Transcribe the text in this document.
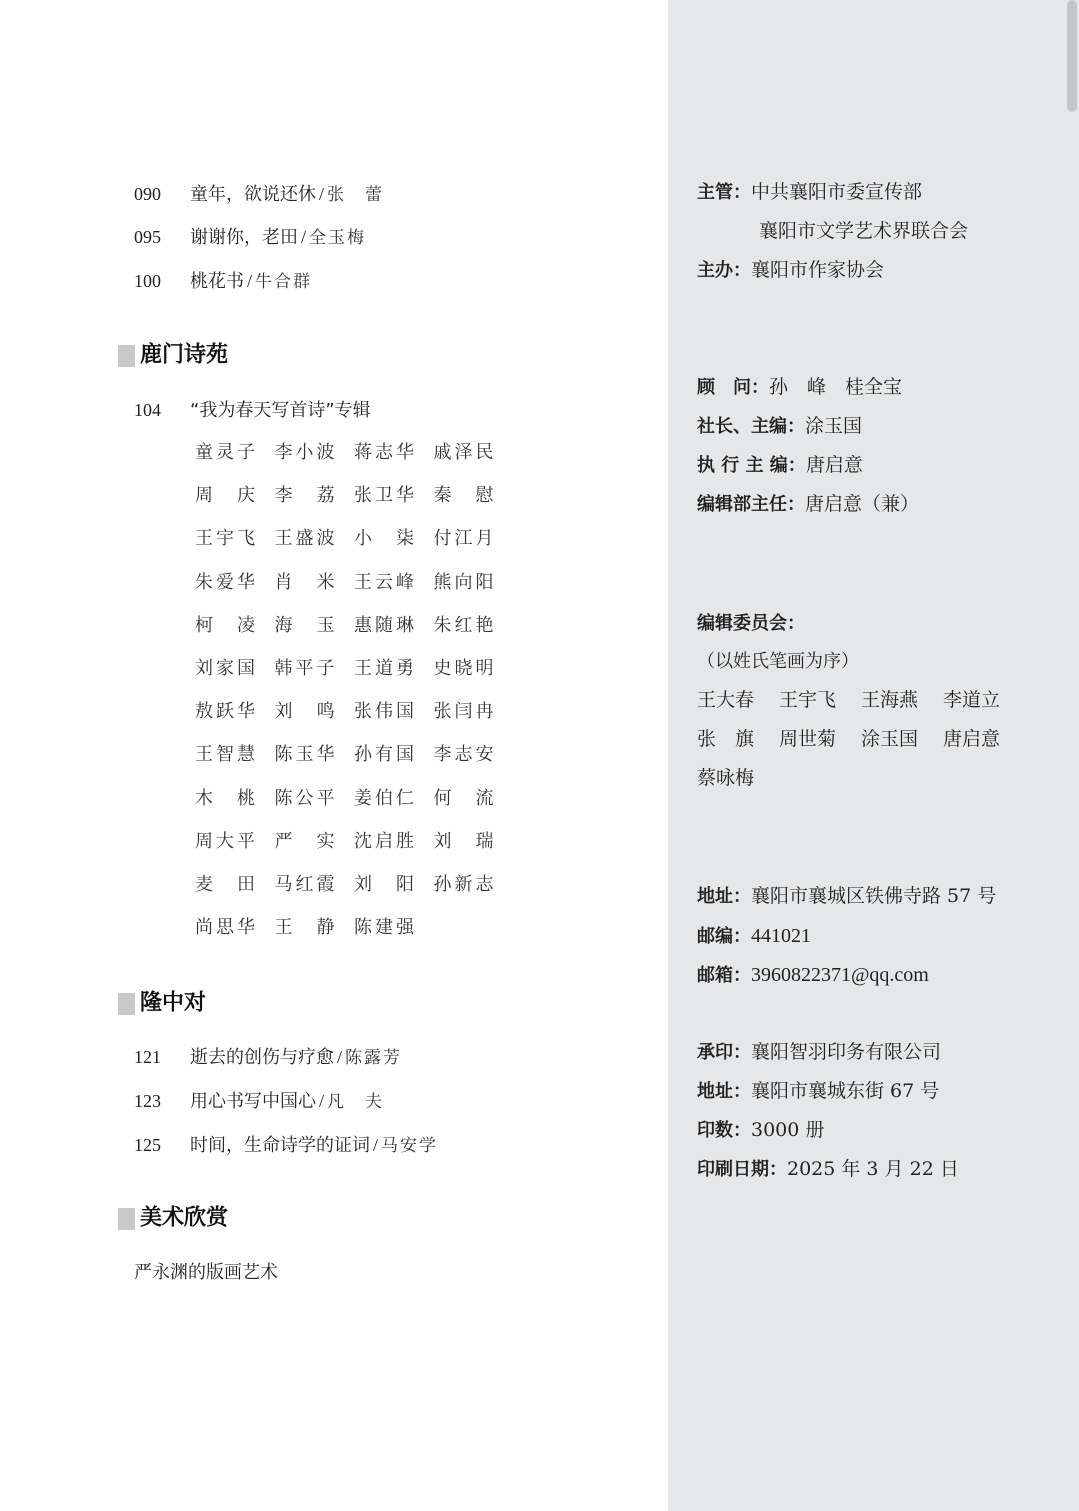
090 童年，欲说还休 / 张　蕾
095 谢谢你，老田 / 全玉梅
100 桃花书 / 牛合群
鹿门诗苑
104 “我为春天写首诗”专辑
童灵子 李小波 蒋志华 戚泽民
周　庆 李　荔 张卫华 秦　慰
王宇飞 王盛波 小　柒 付江月
朱爱华 肖　米 王云峰 熊向阳
柯　凌 海　玉 惠随琳 朱红艳
刘家国 韩平子 王道勇 史晓明
敖跃华 刘　鸣 张伟国 张闫冉
王智慧 陈玉华 孙有国 李志安
木　桃 陈公平 姜伯仁 何　流
周大平 严　实 沈启胜 刘　瑞
麦　田 马红霞 刘　阳 孙新志
尚思华 王　静 陈建强
隆中对
121 逝去的创伤与疗愈 / 陈露芳
123 用心书写中国心 / 凡　夫
125 时间，生命诗学的证词 / 马安学
美术欣赏
严永渊的版画艺术
主管：中共襄阳市委宣传部
襄阳市文学艺术界联合会
主办：襄阳市作家协会
顾　问：孙　峰　桂全宝
社长、主编：涂玉国
执 行 主 编：唐启意
编辑部主任：唐启意（兼）
编辑委员会：
（以姓氏笔画为序）
地址：襄阳市襄城区铁佛寺路 57 号
邮编：441021
邮箱：3960822371@qq.com
承印：襄阳智羽印务有限公司
地址：襄阳市襄城东街 67 号
印数：3000 册
印刷日期：2025 年 3 月 22 日
王大春 王宇飞 王海燕 李道立
张　旗 周世菊 涂玉国 唐启意
蔡咏梅
